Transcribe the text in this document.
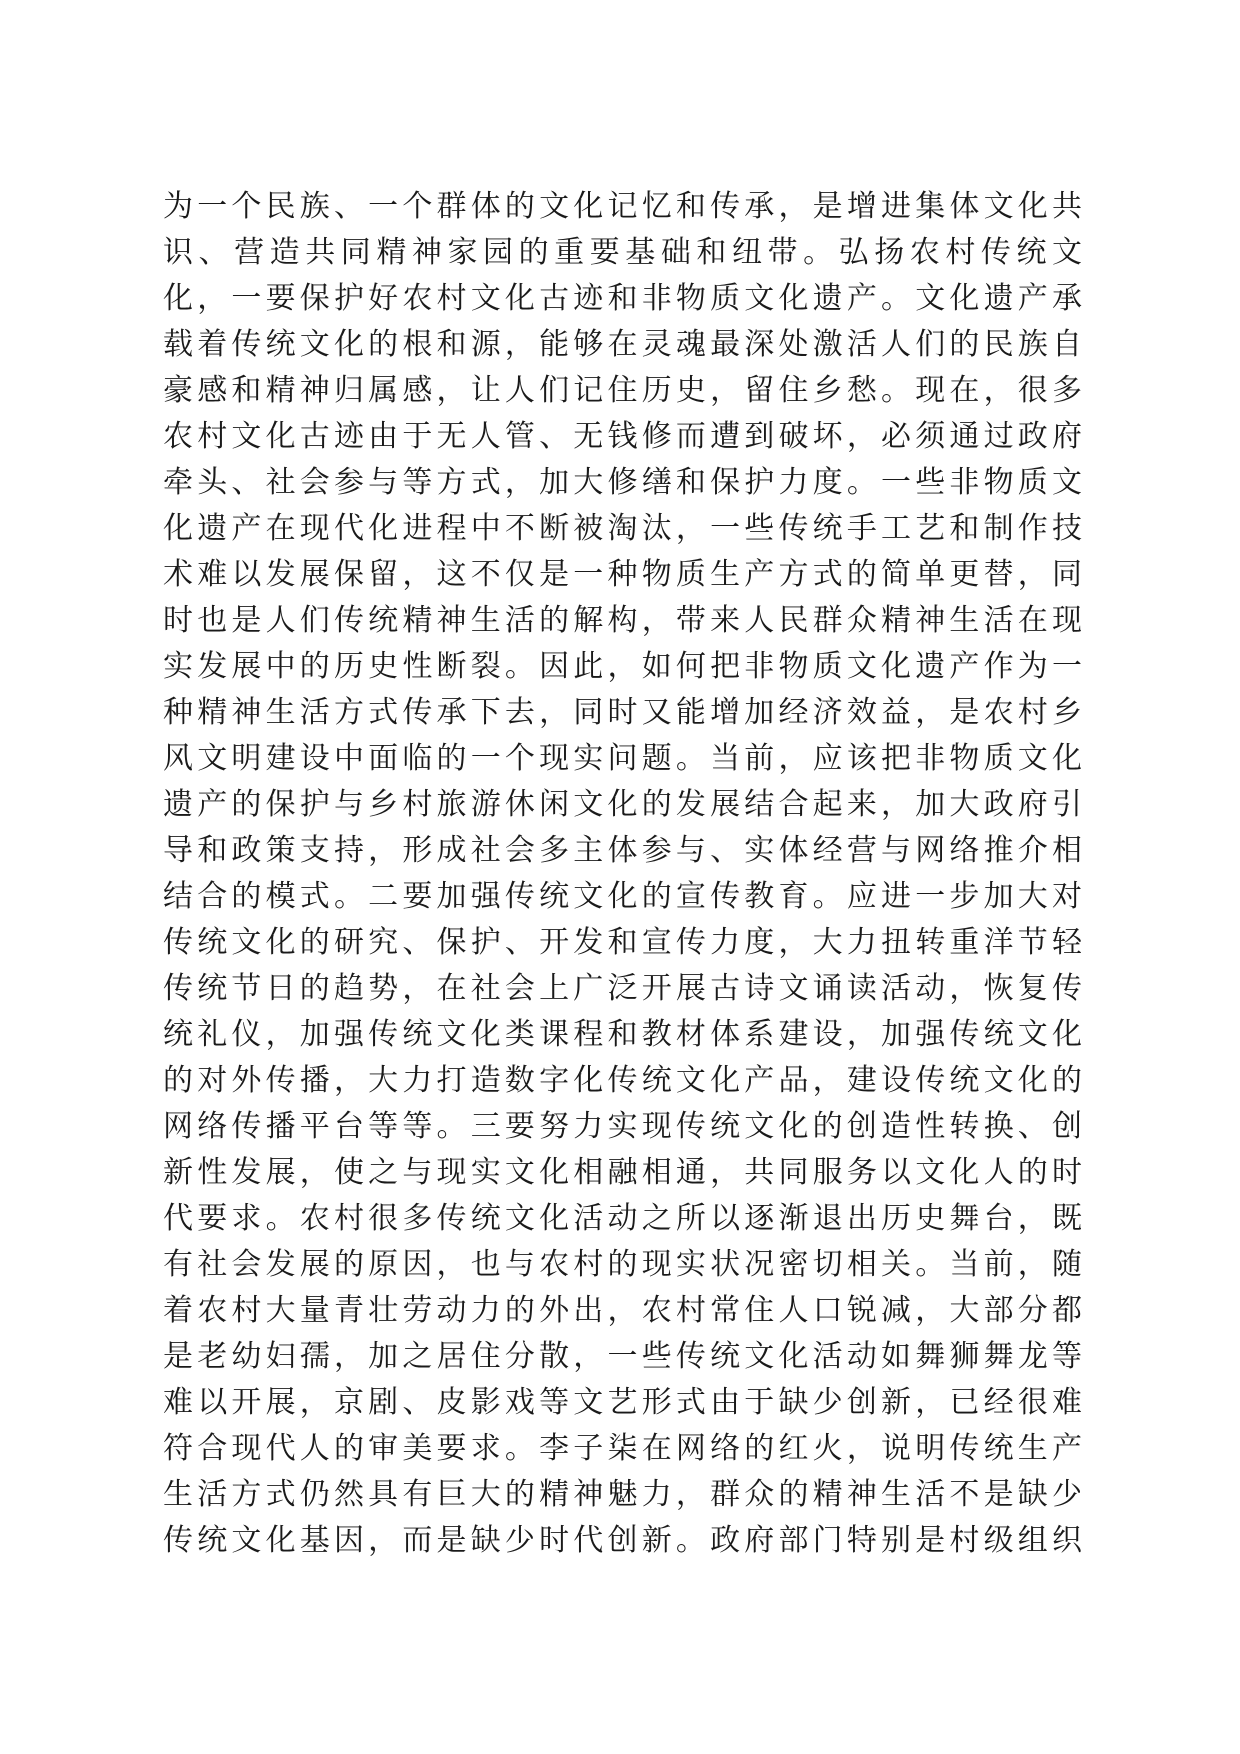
为一个民族、一个群体的文化记忆和传承，是增进集体文化共
识、营造共同精神家园的重要基础和纽带。弘扬农村传统文
化，一要保护好农村文化古迹和非物质文化遗产。文化遗产承
载着传统文化的根和源，能够在灵魂最深处激活人们的民族自
豪感和精神归属感，让人们记住历史，留住乡愁。现在，很多
农村文化古迹由于无人管、无钱修而遭到破坏，必须通过政府
牵头、社会参与等方式，加大修缮和保护力度。一些非物质文
化遗产在现代化进程中不断被淘汰，一些传统手工艺和制作技
术难以发展保留，这不仅是一种物质生产方式的简单更替，同
时也是人们传统精神生活的解构，带来人民群众精神生活在现
实发展中的历史性断裂。因此，如何把非物质文化遗产作为一
种精神生活方式传承下去，同时又能增加经济效益，是农村乡
风文明建设中面临的一个现实问题。当前，应该把非物质文化
遗产的保护与乡村旅游休闲文化的发展结合起来，加大政府引
导和政策支持，形成社会多主体参与、实体经营与网络推介相
结合的模式。二要加强传统文化的宣传教育。应进一步加大对
传统文化的研究、保护、开发和宣传力度，大力扭转重洋节轻
传统节日的趋势，在社会上广泛开展古诗文诵读活动，恢复传
统礼仪，加强传统文化类课程和教材体系建设，加强传统文化
的对外传播，大力打造数字化传统文化产品，建设传统文化的
网络传播平台等等。三要努力实现传统文化的创造性转换、创
新性发展，使之与现实文化相融相通，共同服务以文化人的时
代要求。农村很多传统文化活动之所以逐渐退出历史舞台，既
有社会发展的原因，也与农村的现实状况密切相关。当前，随
着农村大量青壮劳动力的外出，农村常住人口锐减，大部分都
是老幼妇孺，加之居住分散，一些传统文化活动如舞狮舞龙等
难以开展，京剧、皮影戏等文艺形式由于缺少创新，已经很难
符合现代人的审美要求。李子柒在网络的红火，说明传统生产
生活方式仍然具有巨大的精神魅力，群众的精神生活不是缺少
传统文化基因，而是缺少时代创新。政府部门特别是村级组织
